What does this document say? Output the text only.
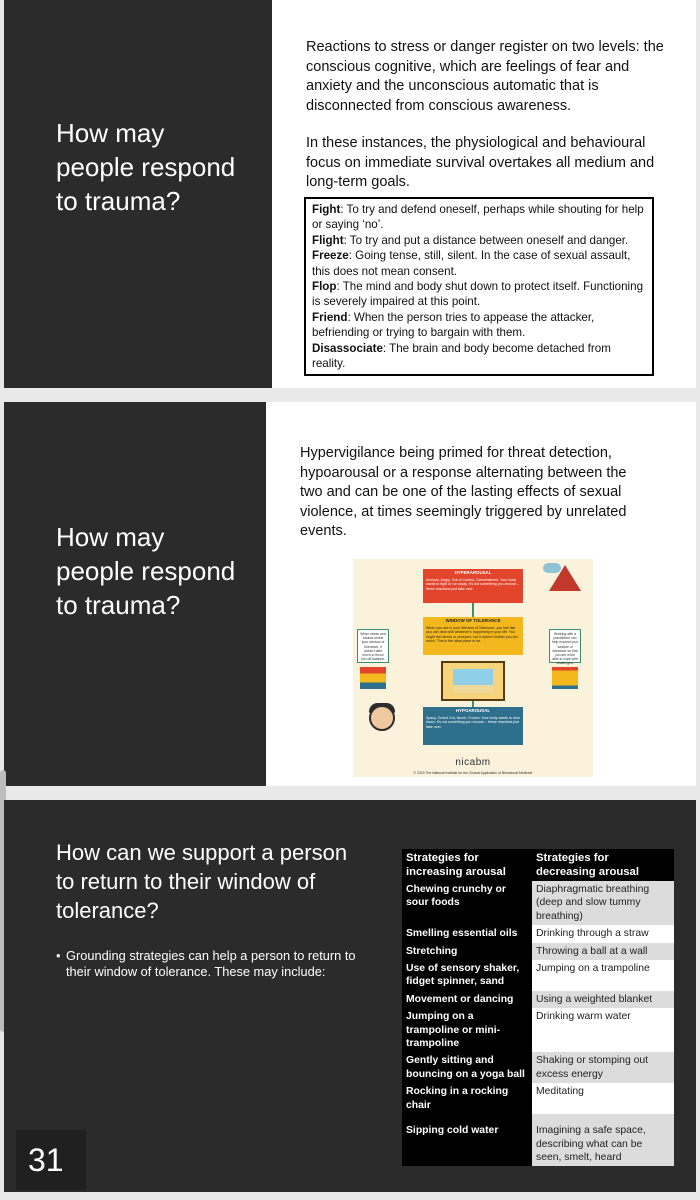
How may people respond to trauma?
Reactions to stress or danger register on two levels: the conscious cognitive, which are feelings of fear and anxiety and the unconscious automatic that is disconnected from conscious awareness.
In these instances, the physiological and behavioural focus on immediate survival overtakes all medium and long-term goals.
Fight: To try and defend oneself, perhaps while shouting for help or saying ‘no’.
Flight: To try and put a distance between oneself and danger.
Freeze: Going tense, still, silent. In the case of sexual assault, this does not mean consent.
Flop: The mind and body shut down to protect itself. Functioning is severely impaired at this point.
Friend: When the person tries to appease the attacker, befriending or trying to bargain with them.
Disassociate: The brain and body become detached from reality.
How may people respond to trauma?
Hypervigilance being primed for threat detection, hypoarousal or a response alternating between the two and can be one of the lasting effects of sexual violence, at times seemingly triggered by unrelated events.
HYPERAROUSAL
Anxious, Angry, Out of Control, Overwhelmed. Your body wants to fight or run away. It's not something you choose – these reactions just take over.
WINDOW OF TOLERANCE
When you are in your Window of Tolerance, you feel like you can deal with whatever's happening in your life. You might feel stress or pressure, but it doesn't bother you too much. This is the ideal place to be.
HYPOAROUSAL
Spacy, Zoned Out, Numb, Frozen. Your body wants to shut down. It's not something you choose – these reactions just take over.
When stress and trauma shrink your window of tolerance, it doesn't take much to throw you off balance.
Working with a practitioner can help expand your window of tolerance so that you are more able to cope with challenges.
nicabm
© 2019 The National Institute for the Clinical Application of Behavioral Medicine
How can we support a person to return to their window of tolerance?
• Grounding strategies can help a person to return to their window of tolerance. These may include:
Strategies for increasing arousal	Strategies for decreasing arousal
Chewing crunchy or sour foods	Diaphragmatic breathing (deep and slow tummy breathing)
Smelling essential oils	Drinking through a straw
Stretching	Throwing a ball at a wall
Use of sensory shaker, fidget spinner, sand	Jumping on a trampoline
Movement or dancing	Using a weighted blanket
Jumping on a trampoline or mini-trampoline	Drinking warm water
Gently sitting and bouncing on a yoga ball	Shaking or stomping out excess energy
Rocking in a rocking chair	Meditating
Sipping cold water	Imagining a safe space, describing what can be seen, smelt, heard
31
